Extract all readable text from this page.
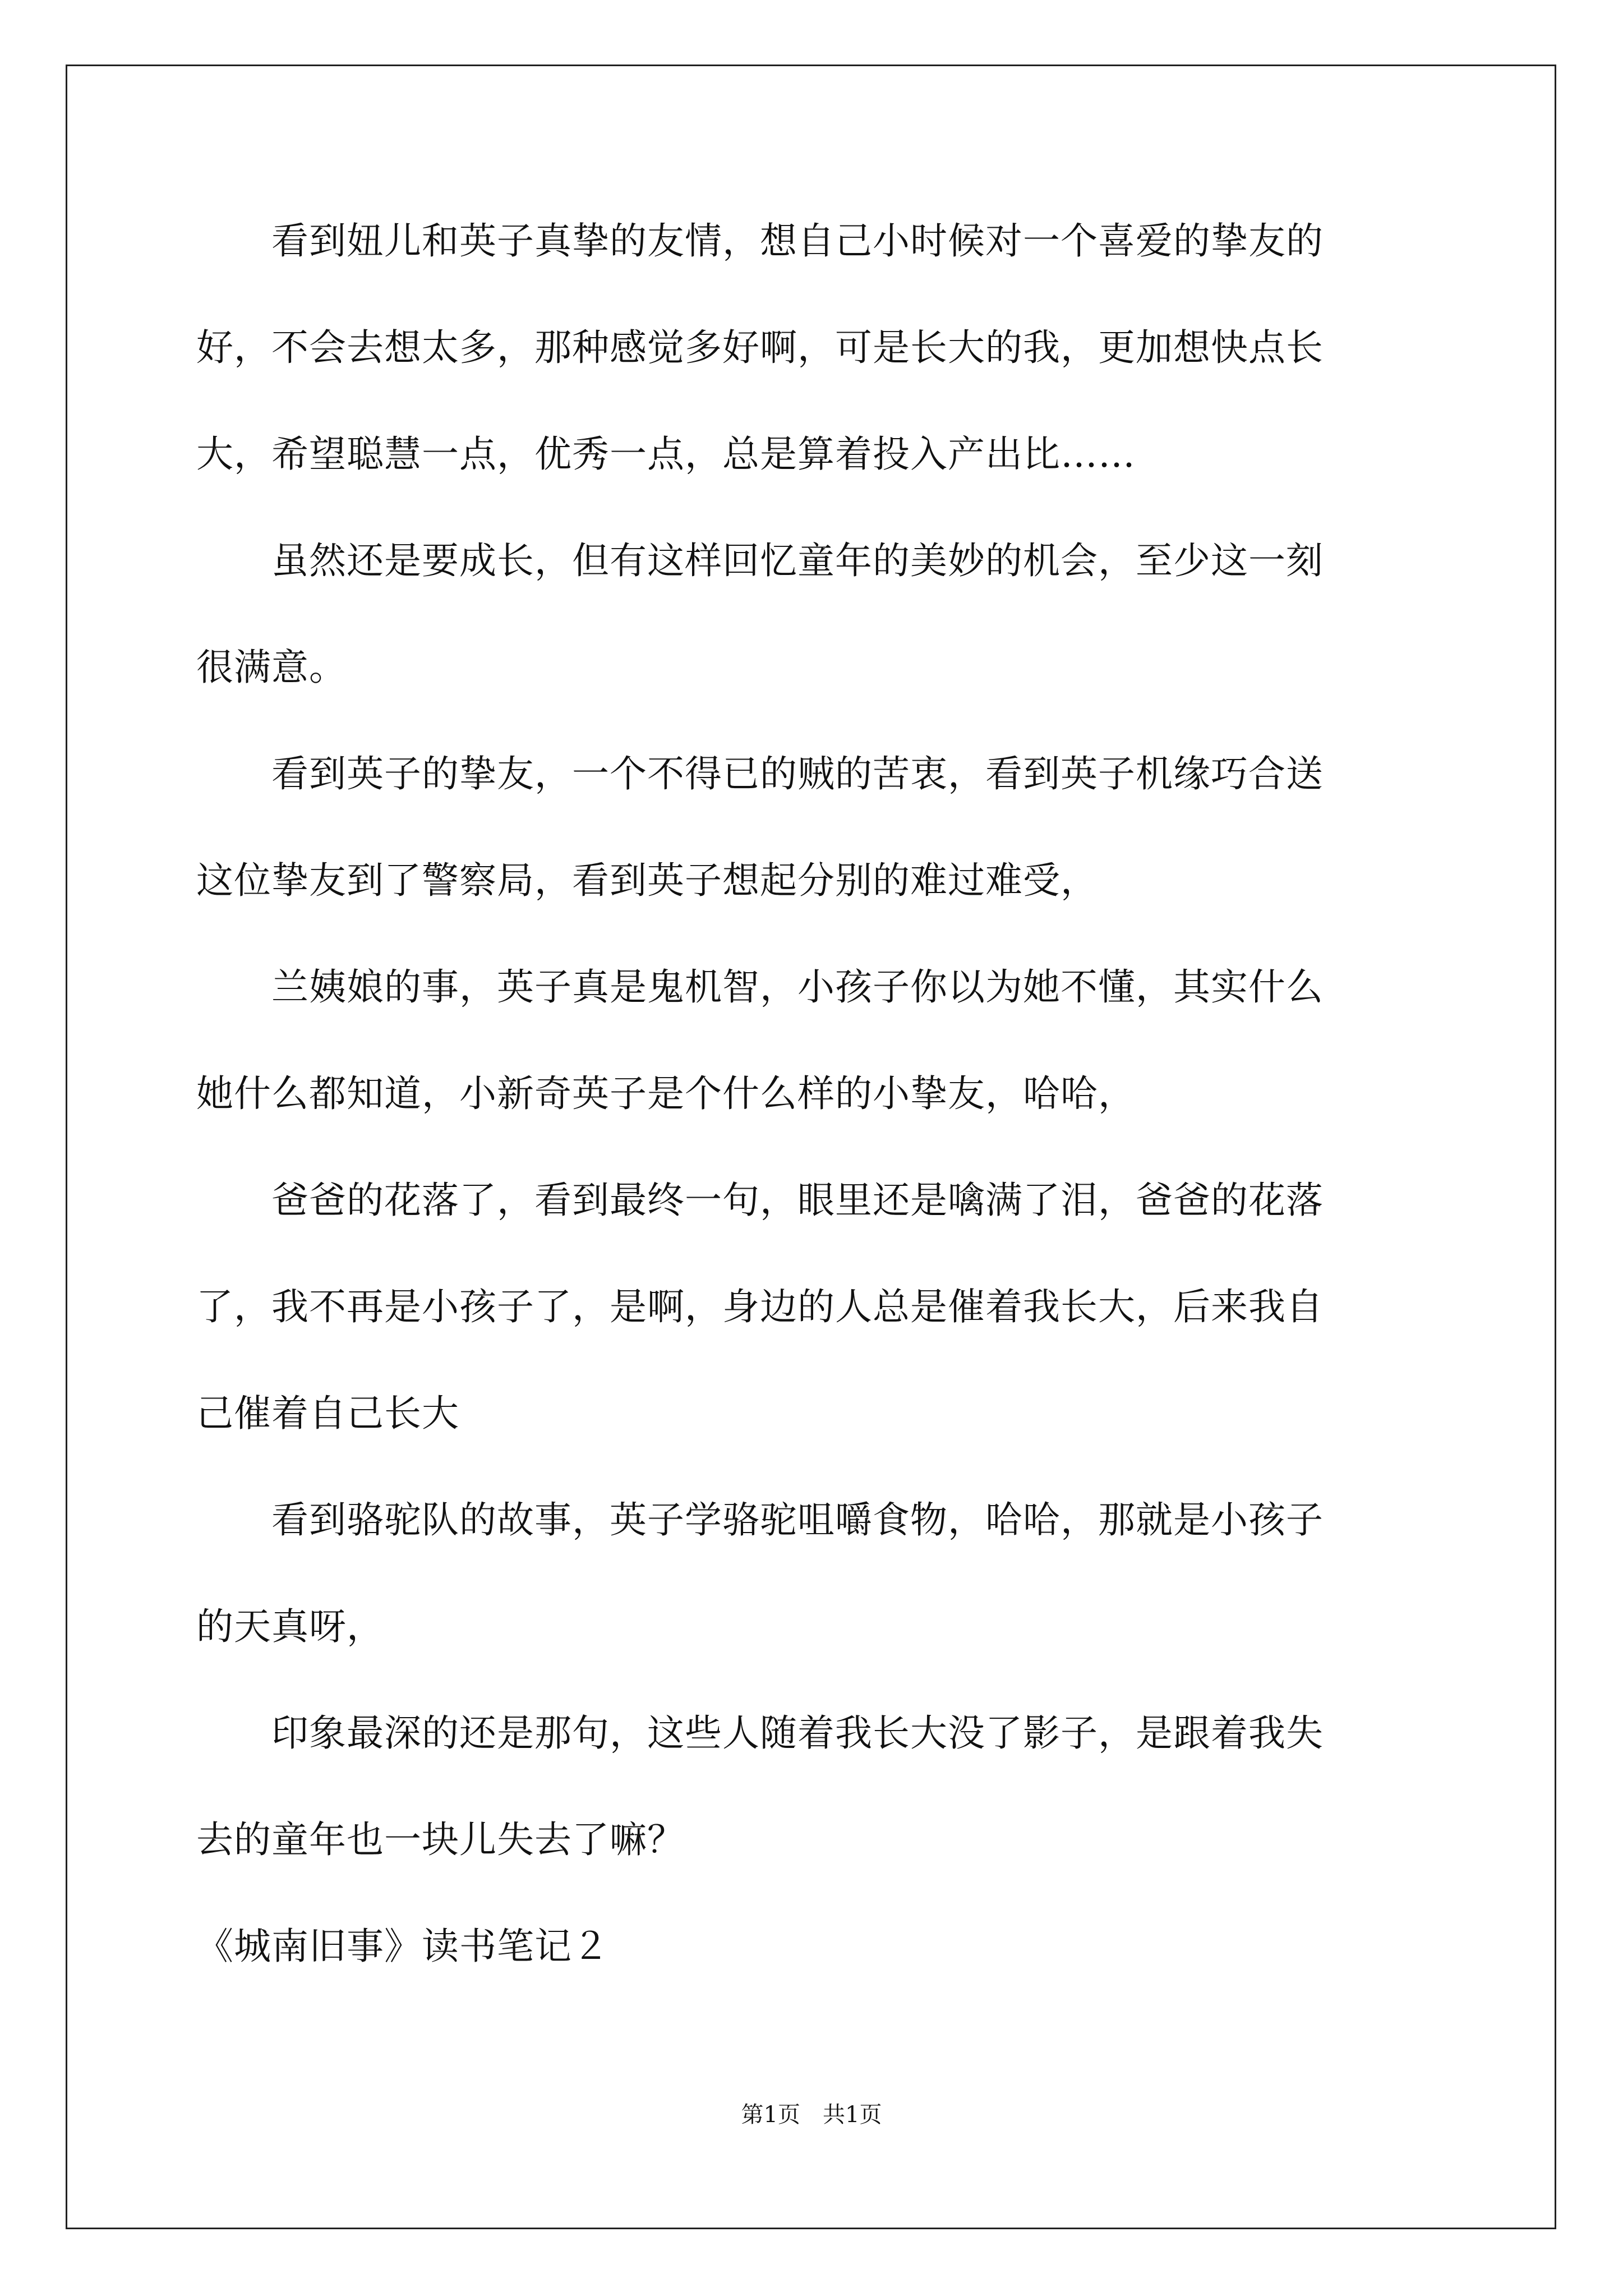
　　看到妞儿和英子真挚的友情，想自己小时候对一个喜爱的挚友的
好，不会去想太多，那种感觉多好啊，可是长大的我，更加想快点长
大，希望聪慧一点，优秀一点，总是算着投入产出比……
　　虽然还是要成长，但有这样回忆童年的美妙的机会，至少这一刻
很满意。
　　看到英子的挚友，一个不得已的贼的苦衷，看到英子机缘巧合送
这位挚友到了警察局，看到英子想起分别的难过难受，
　　兰姨娘的事，英子真是鬼机智，小孩子你以为她不懂，其实什么
她什么都知道，小新奇英子是个什么样的小挚友，哈哈，
　　爸爸的花落了，看到最终一句，眼里还是噙满了泪，爸爸的花落
了，我不再是小孩子了，是啊，身边的人总是催着我长大，后来我自
己催着自己长大
　　看到骆驼队的故事，英子学骆驼咀嚼食物，哈哈，那就是小孩子
的天真呀，
　　印象最深的还是那句，这些人随着我长大没了影子，是跟着我失
去的童年也一块儿失去了嘛？
《城南旧事》读书笔记２
第1页　共1页
